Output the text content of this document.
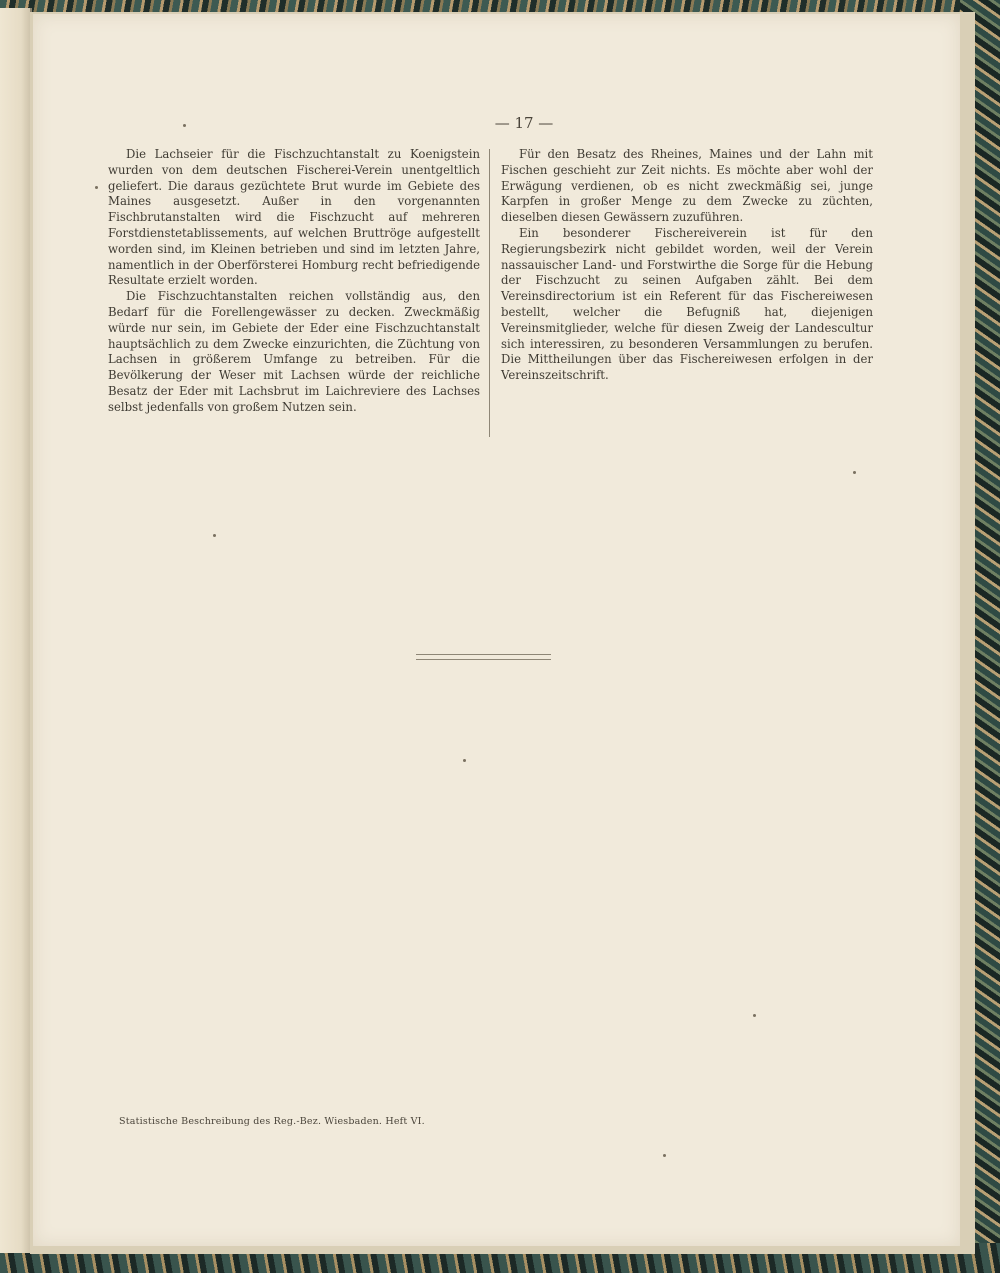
— 17 —

Die Lachseier für die Fischzuchtanstalt zu Koenigstein wurden von dem deutschen Fischerei-Verein unentgeltlich geliefert. Die daraus gezüchtete Brut wurde im Gebiete des Maines ausgesetzt. Außer in den vorgenannten Fischbrutanstalten wird die Fischzucht auf mehreren Forstdienstetablissements, auf welchen Bruttröge aufgestellt worden sind, im Kleinen betrieben und sind im letzten Jahre, namentlich in der Oberförsterei Homburg recht befriedigende Resultate erzielt worden.

Die Fischzuchtanstalten reichen vollständig aus, den Bedarf für die Forellengewässer zu decken. Zweckmäßig würde nur sein, im Gebiete der Eder eine Fischzuchtanstalt hauptsächlich zu dem Zwecke einzurichten, die Züchtung von Lachsen in größerem Umfange zu betreiben. Für die Bevölkerung der Weser mit Lachsen würde der reichliche Besatz der Eder mit Lachsbrut im Laichreviere des Lachses selbst jedenfalls von großem Nutzen sein.

Für den Besatz des Rheines, Maines und der Lahn mit Fischen geschieht zur Zeit nichts. Es möchte aber wohl der Erwägung verdienen, ob es nicht zweckmäßig sei, junge Karpfen in großer Menge zu dem Zwecke zu züchten, dieselben diesen Gewässern zuzuführen.

Ein besonderer Fischereiverein ist für den Regierungsbezirk nicht gebildet worden, weil der Verein nassauischer Land- und Forstwirthe die Sorge für die Hebung der Fischzucht zu seinen Aufgaben zählt. Bei dem Vereinsdirectorium ist ein Referent für das Fischereiwesen bestellt, welcher die Befugniß hat, diejenigen Vereinsmitglieder, welche für diesen Zweig der Landescultur sich interessiren, zu besonderen Versammlungen zu berufen. Die Mittheilungen über das Fischereiwesen erfolgen in der Vereinszeitschrift.

Statistische Beschreibung des Reg.-Bez. Wiesbaden. Heft VI.
